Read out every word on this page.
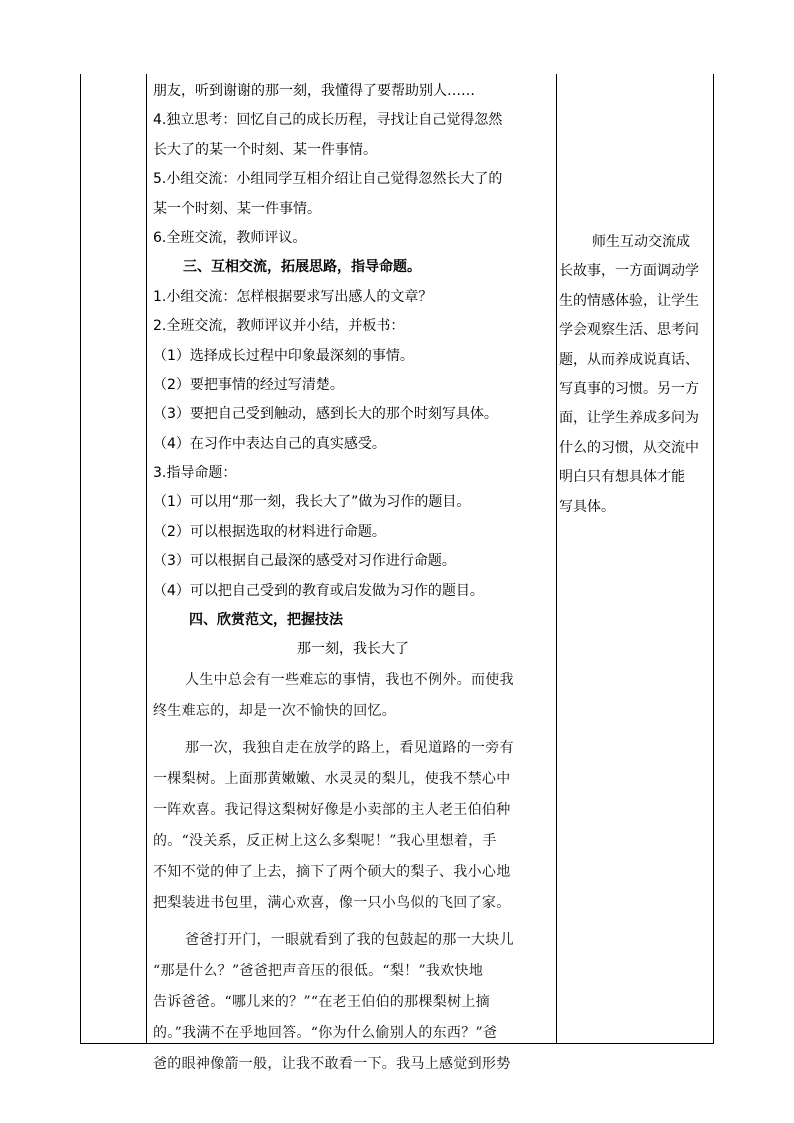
朋友，听到谢谢的那一刻，我懂得了要帮助别人……
4.独立思考：回忆自己的成长历程，寻找让自己觉得忽然
长大了的某一个时刻、某一件事情。
5.小组交流：小组同学互相介绍让自己觉得忽然长大了的
某一个时刻、某一件事情。
6.全班交流，教师评议。
三、互相交流，拓展思路，指导命题。
1.小组交流：怎样根据要求写出感人的文章？
2.全班交流，教师评议并小结，并板书：
（1）选择成长过程中印象最深刻的事情。
（2）要把事情的经过写清楚。
（3）要把自己受到触动，感到长大的那个时刻写具体。
（4）在习作中表达自己的真实感受。
3.指导命题：
（1）可以用“那一刻，我长大了”做为习作的题目。
（2）可以根据选取的材料进行命题。
（3）可以根据自己最深的感受对习作进行命题。
（4）可以把自己受到的教育或启发做为习作的题目。
四、欣赏范文，把握技法
那一刻，我长大了
人生中总会有一些难忘的事情，我也不例外。而使我
终生难忘的，却是一次不愉快的回忆。
那一次，我独自走在放学的路上，看见道路的一旁有
一棵梨树。上面那黄嫩嫩、水灵灵的梨儿，使我不禁心中
一阵欢喜。我记得这梨树好像是小卖部的主人老王伯伯种
的。“没关系，反正树上这么多梨呢！”我心里想着，手
不知不觉的伸了上去，摘下了两个硕大的梨子、我小心地
把梨装进书包里，满心欢喜，像一只小鸟似的飞回了家。
爸爸打开门，一眼就看到了我的包鼓起的那一大块儿
“那是什么？”爸爸把声音压的很低。“梨！”我欢快地
告诉爸爸。“哪儿来的？”“在老王伯伯的那棵梨树上摘
的。”我满不在乎地回答。“你为什么偷别人的东西？”爸
爸的眼神像箭一般，让我不敢看一下。我马上感觉到形势
师生互动交流成
长故事，一方面调动学
生的情感体验，让学生
学会观察生活、思考问
题，从而养成说真话、
写真事的习惯。另一方
面，让学生养成多问为
什么的习惯，从交流中
明白只有想具体才能
写具体。
